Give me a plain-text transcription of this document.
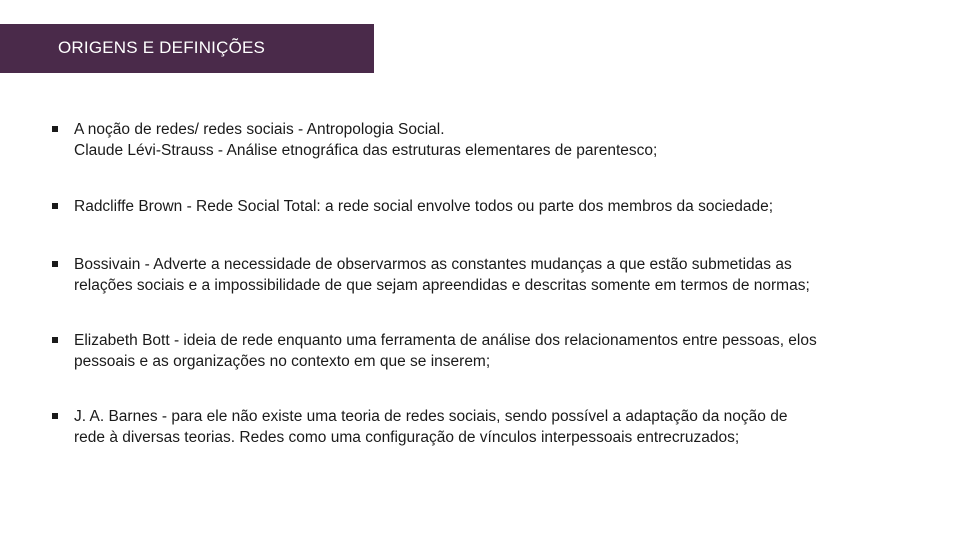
ORIGENS E DEFINIÇÕES
A noção de redes/ redes sociais - Antropologia Social.
Claude Lévi-Strauss - Análise etnográfica das estruturas elementares de parentesco;
Radcliffe Brown - Rede Social Total: a rede social envolve todos ou parte dos membros da sociedade;
Bossivain - Adverte a necessidade de observarmos as constantes mudanças a que estão submetidas as
relações sociais e a impossibilidade de que sejam apreendidas e descritas somente em termos de normas;
Elizabeth Bott - ideia de rede enquanto uma ferramenta de análise dos relacionamentos entre pessoas, elos
pessoais e as organizações no contexto em que se inserem;
J. A. Barnes - para ele não existe uma teoria de redes sociais, sendo possível a adaptação da noção de
rede à diversas teorias. Redes como uma configuração de vínculos interpessoais entrecruzados;
